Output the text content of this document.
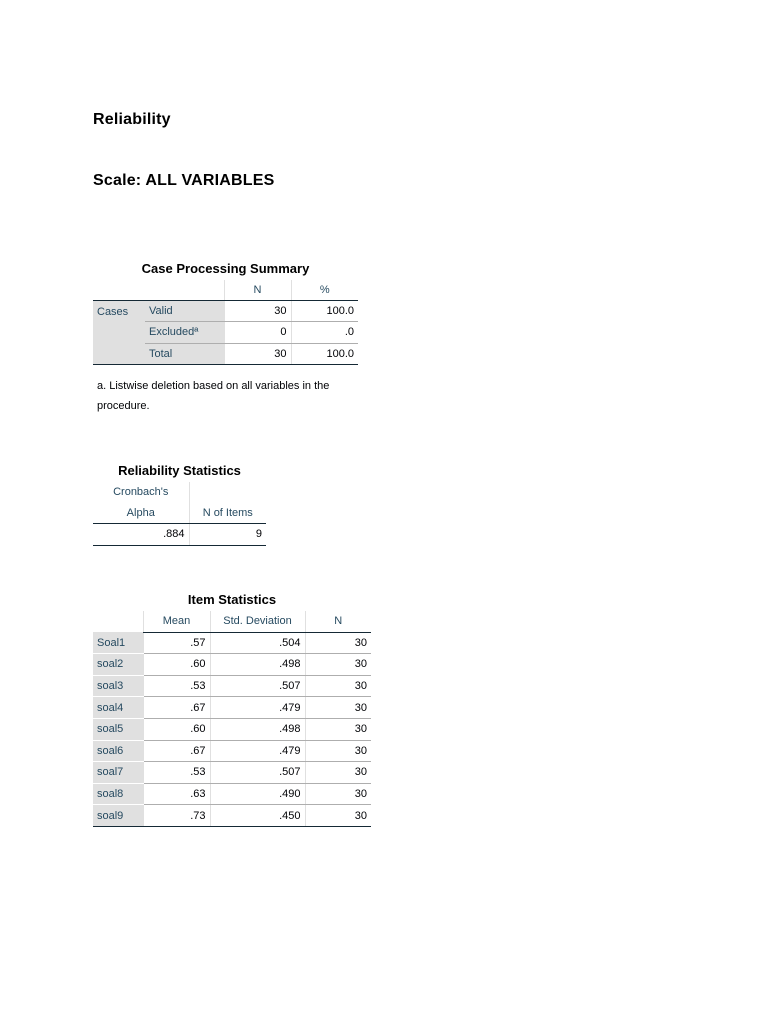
Reliability
Scale: ALL VARIABLES
Case Processing Summary
		N	%
Cases	Valid	30	100.0
	Excludedª	0	.0
	Total	30	100.0
a. Listwise deletion based on all variables in the procedure.
Reliability Statistics
Cronbach's	
Alpha	N of Items
.884	9
Item Statistics
	Mean	Std. Deviation	N
Soal1	.57	.504	30
soal2	.60	.498	30
soal3	.53	.507	30
soal4	.67	.479	30
soal5	.60	.498	30
soal6	.67	.479	30
soal7	.53	.507	30
soal8	.63	.490	30
soal9	.73	.450	30
